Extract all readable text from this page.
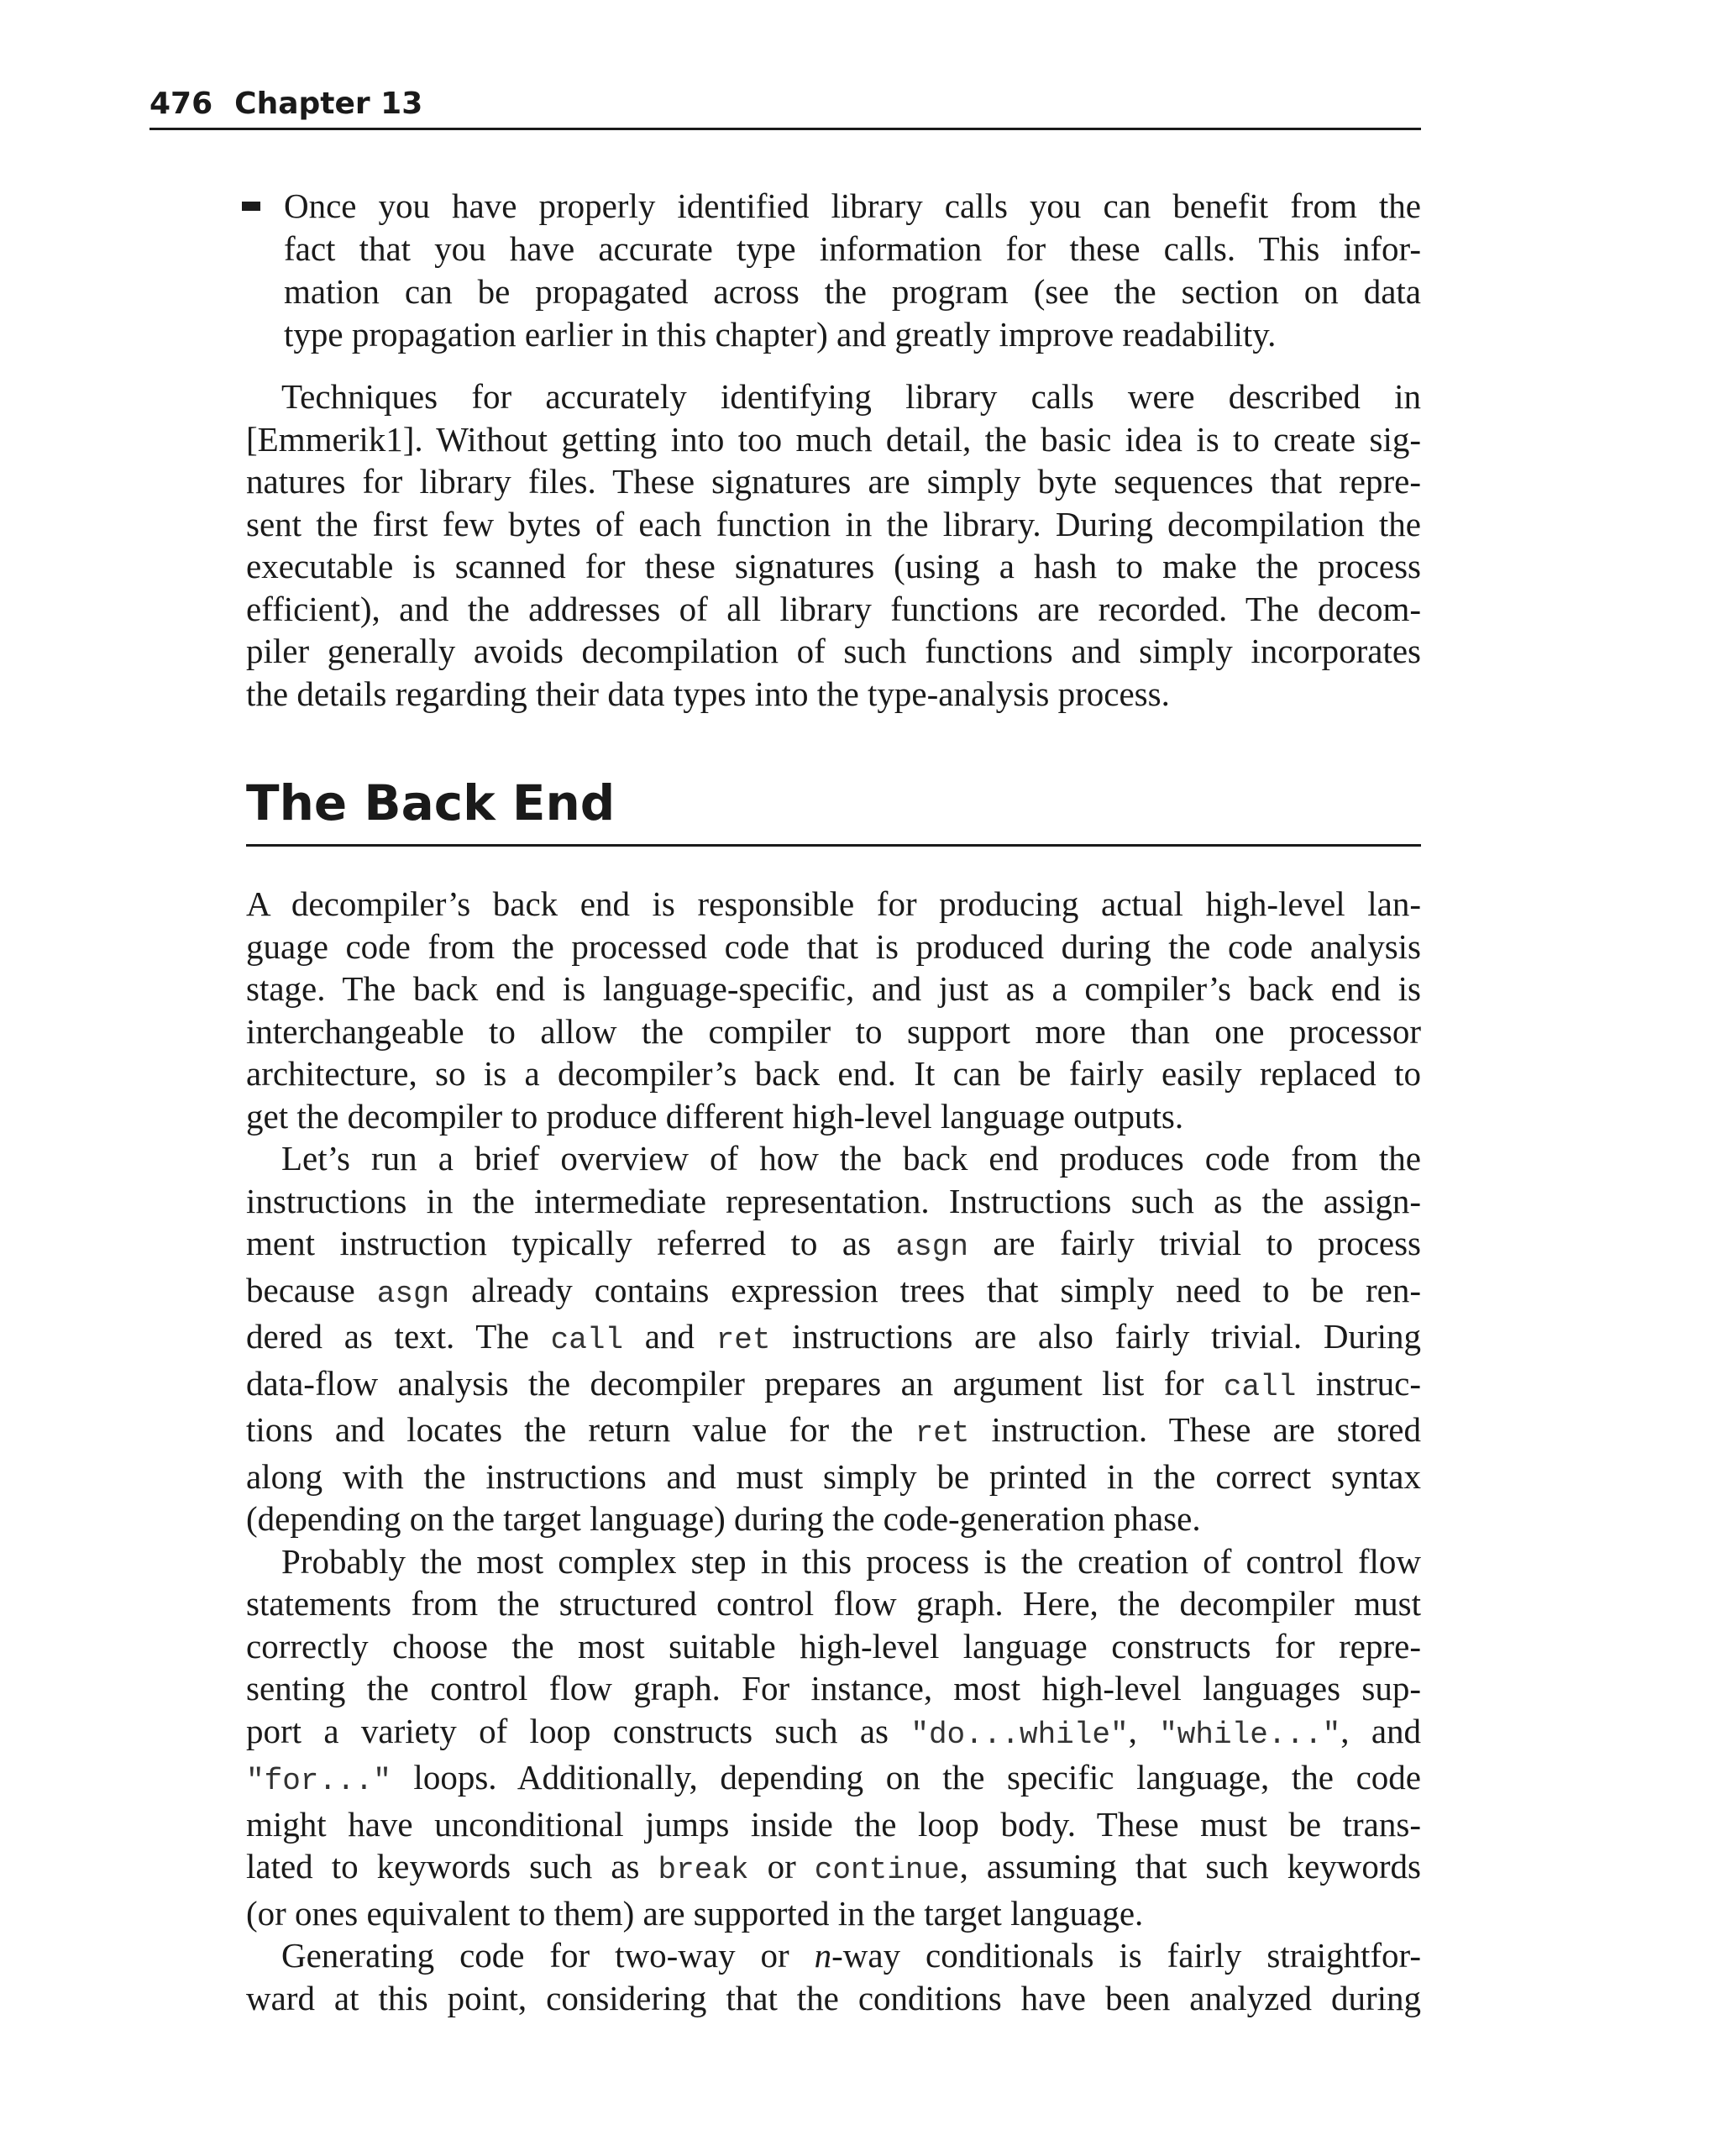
476 Chapter 13
Once you have properly identified library calls you can benefit from the
fact that you have accurate type information for these calls. This infor-
mation can be propagated across the program (see the section on data
type propagation earlier in this chapter) and greatly improve readability.
Techniques for accurately identifying library calls were described in
[Emmerik1]. Without getting into too much detail, the basic idea is to create sig-
natures for library files. These signatures are simply byte sequences that repre-
sent the first few bytes of each function in the library. During decompilation the
executable is scanned for these signatures (using a hash to make the process
efficient), and the addresses of all library functions are recorded. The decom-
piler generally avoids decompilation of such functions and simply incorporates
the details regarding their data types into the type-analysis process.
The Back End
A decompiler’s back end is responsible for producing actual high-level lan-
guage code from the processed code that is produced during the code analysis
stage. The back end is language-specific, and just as a compiler’s back end is
interchangeable to allow the compiler to support more than one processor
architecture, so is a decompiler’s back end. It can be fairly easily replaced to
get the decompiler to produce different high-level language outputs.
Let’s run a brief overview of how the back end produces code from the
instructions in the intermediate representation. Instructions such as the assign-
ment instruction typically referred to as asgn are fairly trivial to process
because asgn already contains expression trees that simply need to be ren-
dered as text. The call and ret instructions are also fairly trivial. During
data-flow analysis the decompiler prepares an argument list for call instruc-
tions and locates the return value for the ret instruction. These are stored
along with the instructions and must simply be printed in the correct syntax
(depending on the target language) during the code-generation phase.
Probably the most complex step in this process is the creation of control flow
statements from the structured control flow graph. Here, the decompiler must
correctly choose the most suitable high-level language constructs for repre-
senting the control flow graph. For instance, most high-level languages sup-
port a variety of loop constructs such as "do...while", "while...", and
"for..." loops. Additionally, depending on the specific language, the code
might have unconditional jumps inside the loop body. These must be trans-
lated to keywords such as break or continue, assuming that such keywords
(or ones equivalent to them) are supported in the target language.
Generating code for two-way or n-way conditionals is fairly straightfor-
ward at this point, considering that the conditions have been analyzed during
